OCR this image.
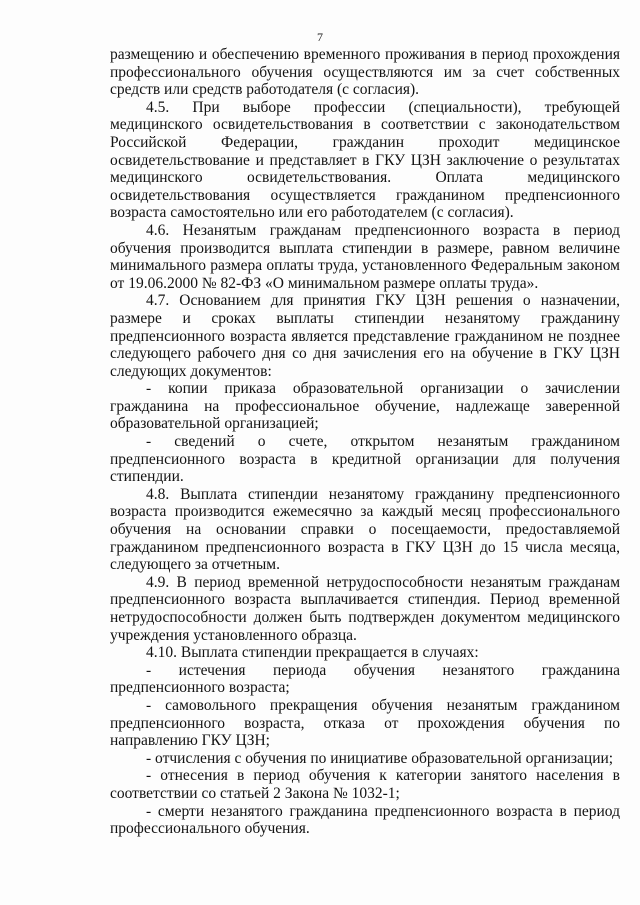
7

размещению и обеспечению временного проживания в период прохождения профессионального обучения осуществляются им за счет собственных средств или средств работодателя (с согласия).

4.5. При выборе профессии (специальности), требующей медицинского освидетельствования в соответствии с законодательством Российской Федерации, гражданин проходит медицинское освидетельствование и представляет в ГКУ ЦЗН заключение о результатах медицинского освидетельствования. Оплата медицинского освидетельствования осуществляется гражданином предпенсионного возраста самостоятельно или его работодателем (с согласия).

4.6. Незанятым гражданам предпенсионного возраста в период обучения производится выплата стипендии в размере, равном величине минимального размера оплаты труда, установленного Федеральным законом от 19.06.2000 № 82-ФЗ «О минимальном размере оплаты труда».

4.7. Основанием для принятия ГКУ ЦЗН решения о назначении, размере и сроках выплаты стипендии незанятому гражданину предпенсионного возраста является представление гражданином не позднее следующего рабочего дня со дня зачисления его на обучение в ГКУ ЦЗН следующих документов:

- копии приказа образовательной организации о зачислении гражданина на профессиональное обучение, надлежаще заверенной образовательной организацией;

- сведений о счете, открытом незанятым гражданином предпенсионного возраста в кредитной организации для получения стипендии.

4.8. Выплата стипендии незанятому гражданину предпенсионного возраста производится ежемесячно за каждый месяц профессионального обучения на основании справки о посещаемости, предоставляемой гражданином предпенсионного возраста в ГКУ ЦЗН до 15 числа месяца, следующего за отчетным.

4.9. В период временной нетрудоспособности незанятым гражданам предпенсионного возраста выплачивается стипендия. Период временной нетрудоспособности должен быть подтвержден документом медицинского учреждения установленного образца.

4.10. Выплата стипендии прекращается в случаях:

- истечения периода обучения незанятого гражданина предпенсионного возраста;

- самовольного прекращения обучения незанятым гражданином предпенсионного возраста, отказа от прохождения обучения по направлению ГКУ ЦЗН;

- отчисления с обучения по инициативе образовательной организации;

- отнесения в период обучения к категории занятого населения в соответствии со статьей 2 Закона № 1032-1;

- смерти незанятого гражданина предпенсионного возраста в период профессионального обучения.
